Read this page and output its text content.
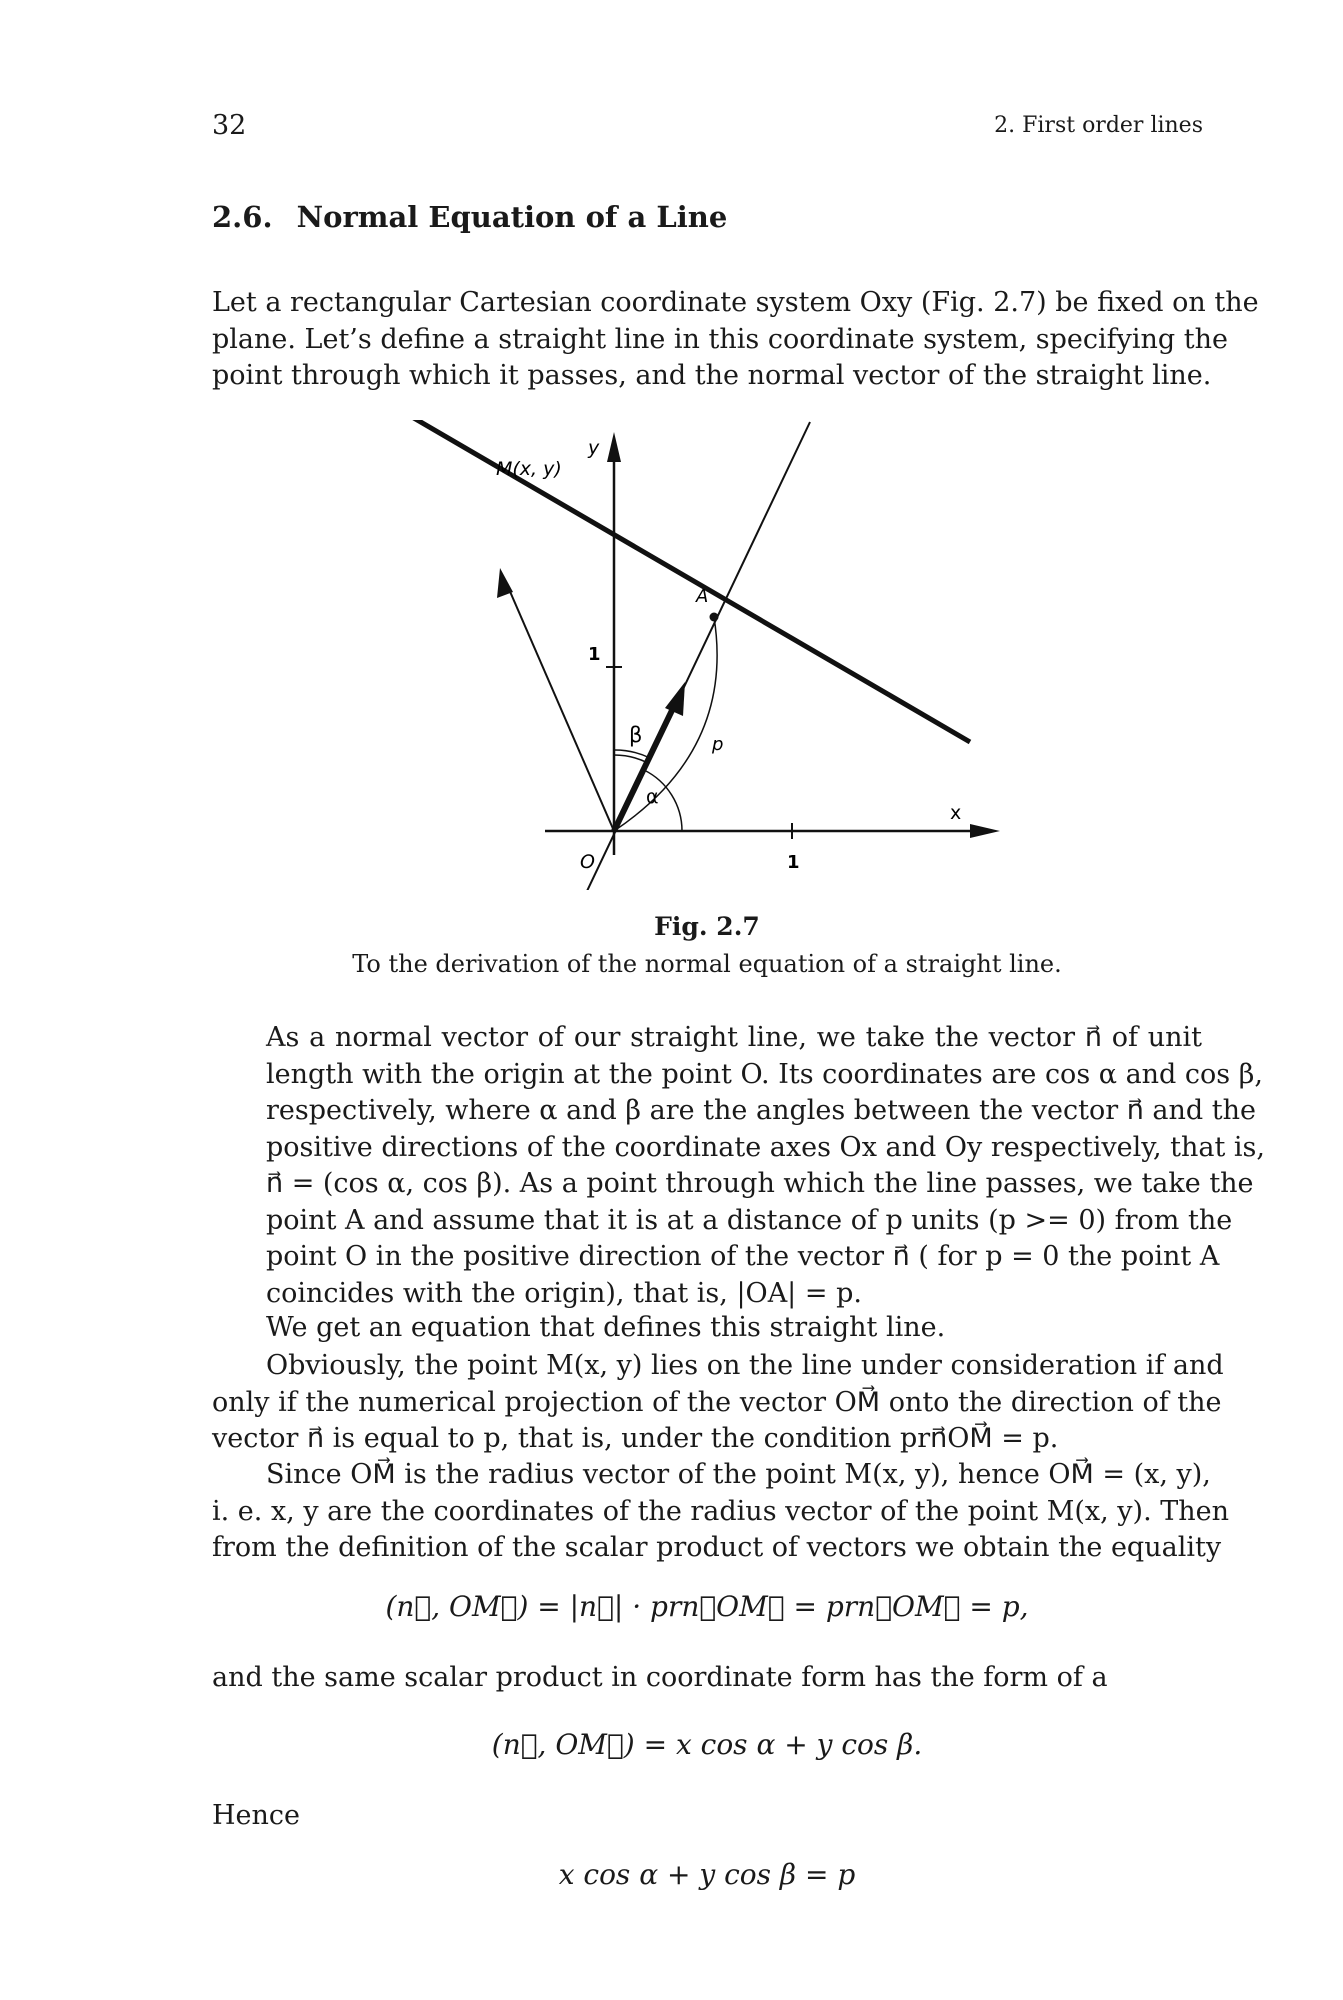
32	2. First order lines
2.6. Normal Equation of a Line

Let a rectangular Cartesian coordinate system Oxy (Fig. 2.7) be fixed on the
plane. Let’s define a straight line in this coordinate system, specifying the
point through which it passes, and the normal vector of the straight line.

y
x
M(x, y)
A
1
1
O
β
α
p
Fig. 2.7
To the derivation of the normal equation of a straight line.

As a normal vector of our straight line, we take the vector n⃗ of unit
length with the origin at the point O. Its coordinates are cos α and cos β,
respectively, where α and β are the angles between the vector n⃗ and the
positive directions of the coordinate axes Ox and Oy respectively, that is,
n⃗ = (cos α, cos β). As a point through which the line passes, we take the
point A and assume that it is at a distance of p units (p >= 0) from the
point O in the positive direction of the vector n⃗ ( for p = 0 the point A
coincides with the origin), that is, |OA| = p.

We get an equation that defines this straight line.

Obviously, the point M(x, y) lies on the line under consideration if and
only if the numerical projection of the vector OM⃗ onto the direction of the
vector n⃗ is equal to p, that is, under the condition prn⃗OM⃗ = p.

Since OM⃗ is the radius vector of the point M(x, y), hence OM⃗ = (x, y),
i. e. x, y are the coordinates of the radius vector of the point M(x, y). Then
from the definition of the scalar product of vectors we obtain the equality

(n⃗, OM⃗) = |n⃗| · prn⃗OM⃗ = prn⃗OM⃗ = p,
and the same scalar product in coordinate form has the form of a
(n⃗, OM⃗) = x cos α + y cos β.
Hence
x cos α + y cos β = p
